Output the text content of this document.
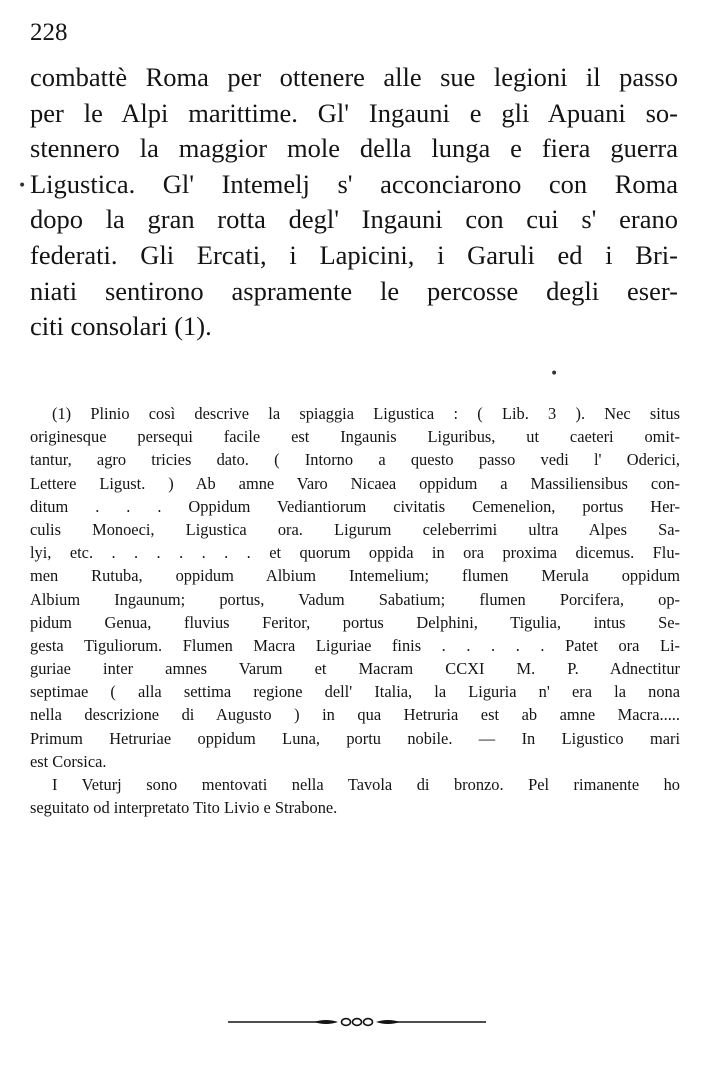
228
combattè Roma per ottenere alle sue legioni il passo
per le Alpi marittime. Gl' Ingauni e gli Apuani so-
stennero la maggior mole della lunga e fiera guerra
Ligustica. Gl' Intemelj s' acconciarono con Roma
dopo la gran rotta degl' Ingauni con cui s' erano
federati. Gli Ercati, i Lapicini, i Garuli ed i Bri-
niati sentirono aspramente le percosse degli eser-
citi consolari (1).
(1) Plinio così descrive la spiaggia Ligustica : ( Lib. 3 ). Nec situs
originesque persequi facile est Ingaunis Liguribus, ut caeteri omit-
tantur, agro tricies dato. ( Intorno a questo passo vedi l' Oderici,
Lettere Ligust. ) Ab amne Varo Nicaea oppidum a Massiliensibus con-
ditum . . . Oppidum Vediantiorum civitatis Cemenelion, portus Her-
culis Monoeci, Ligustica ora. Ligurum celeberrimi ultra Alpes Sa-
lyi, etc. . . . . . . . et quorum oppida in ora proxima dicemus. Flu-
men Rutuba, oppidum Albium Intemelium; flumen Merula oppidum
Albium Ingaunum; portus, Vadum Sabatium; flumen Porcifera, op-
pidum Genua, fluvius Feritor, portus Delphini, Tigulia, intus Se-
gesta Tiguliorum. Flumen Macra Liguriae finis . . . . . Patet ora Li-
guriae inter amnes Varum et Macram CCXI M. P. Adnectitur
septimae ( alla settima regione dell' Italia, la Liguria n' era la nona
nella descrizione di Augusto ) in qua Hetruria est ab amne Macra.....
Primum Hetruriae oppidum Luna, portu nobile. — In Ligustico mari
est Corsica.
I Veturj sono mentovati nella Tavola di bronzo. Pel rimanente ho
seguitato od interpretato Tito Livio e Strabone.
•
•
